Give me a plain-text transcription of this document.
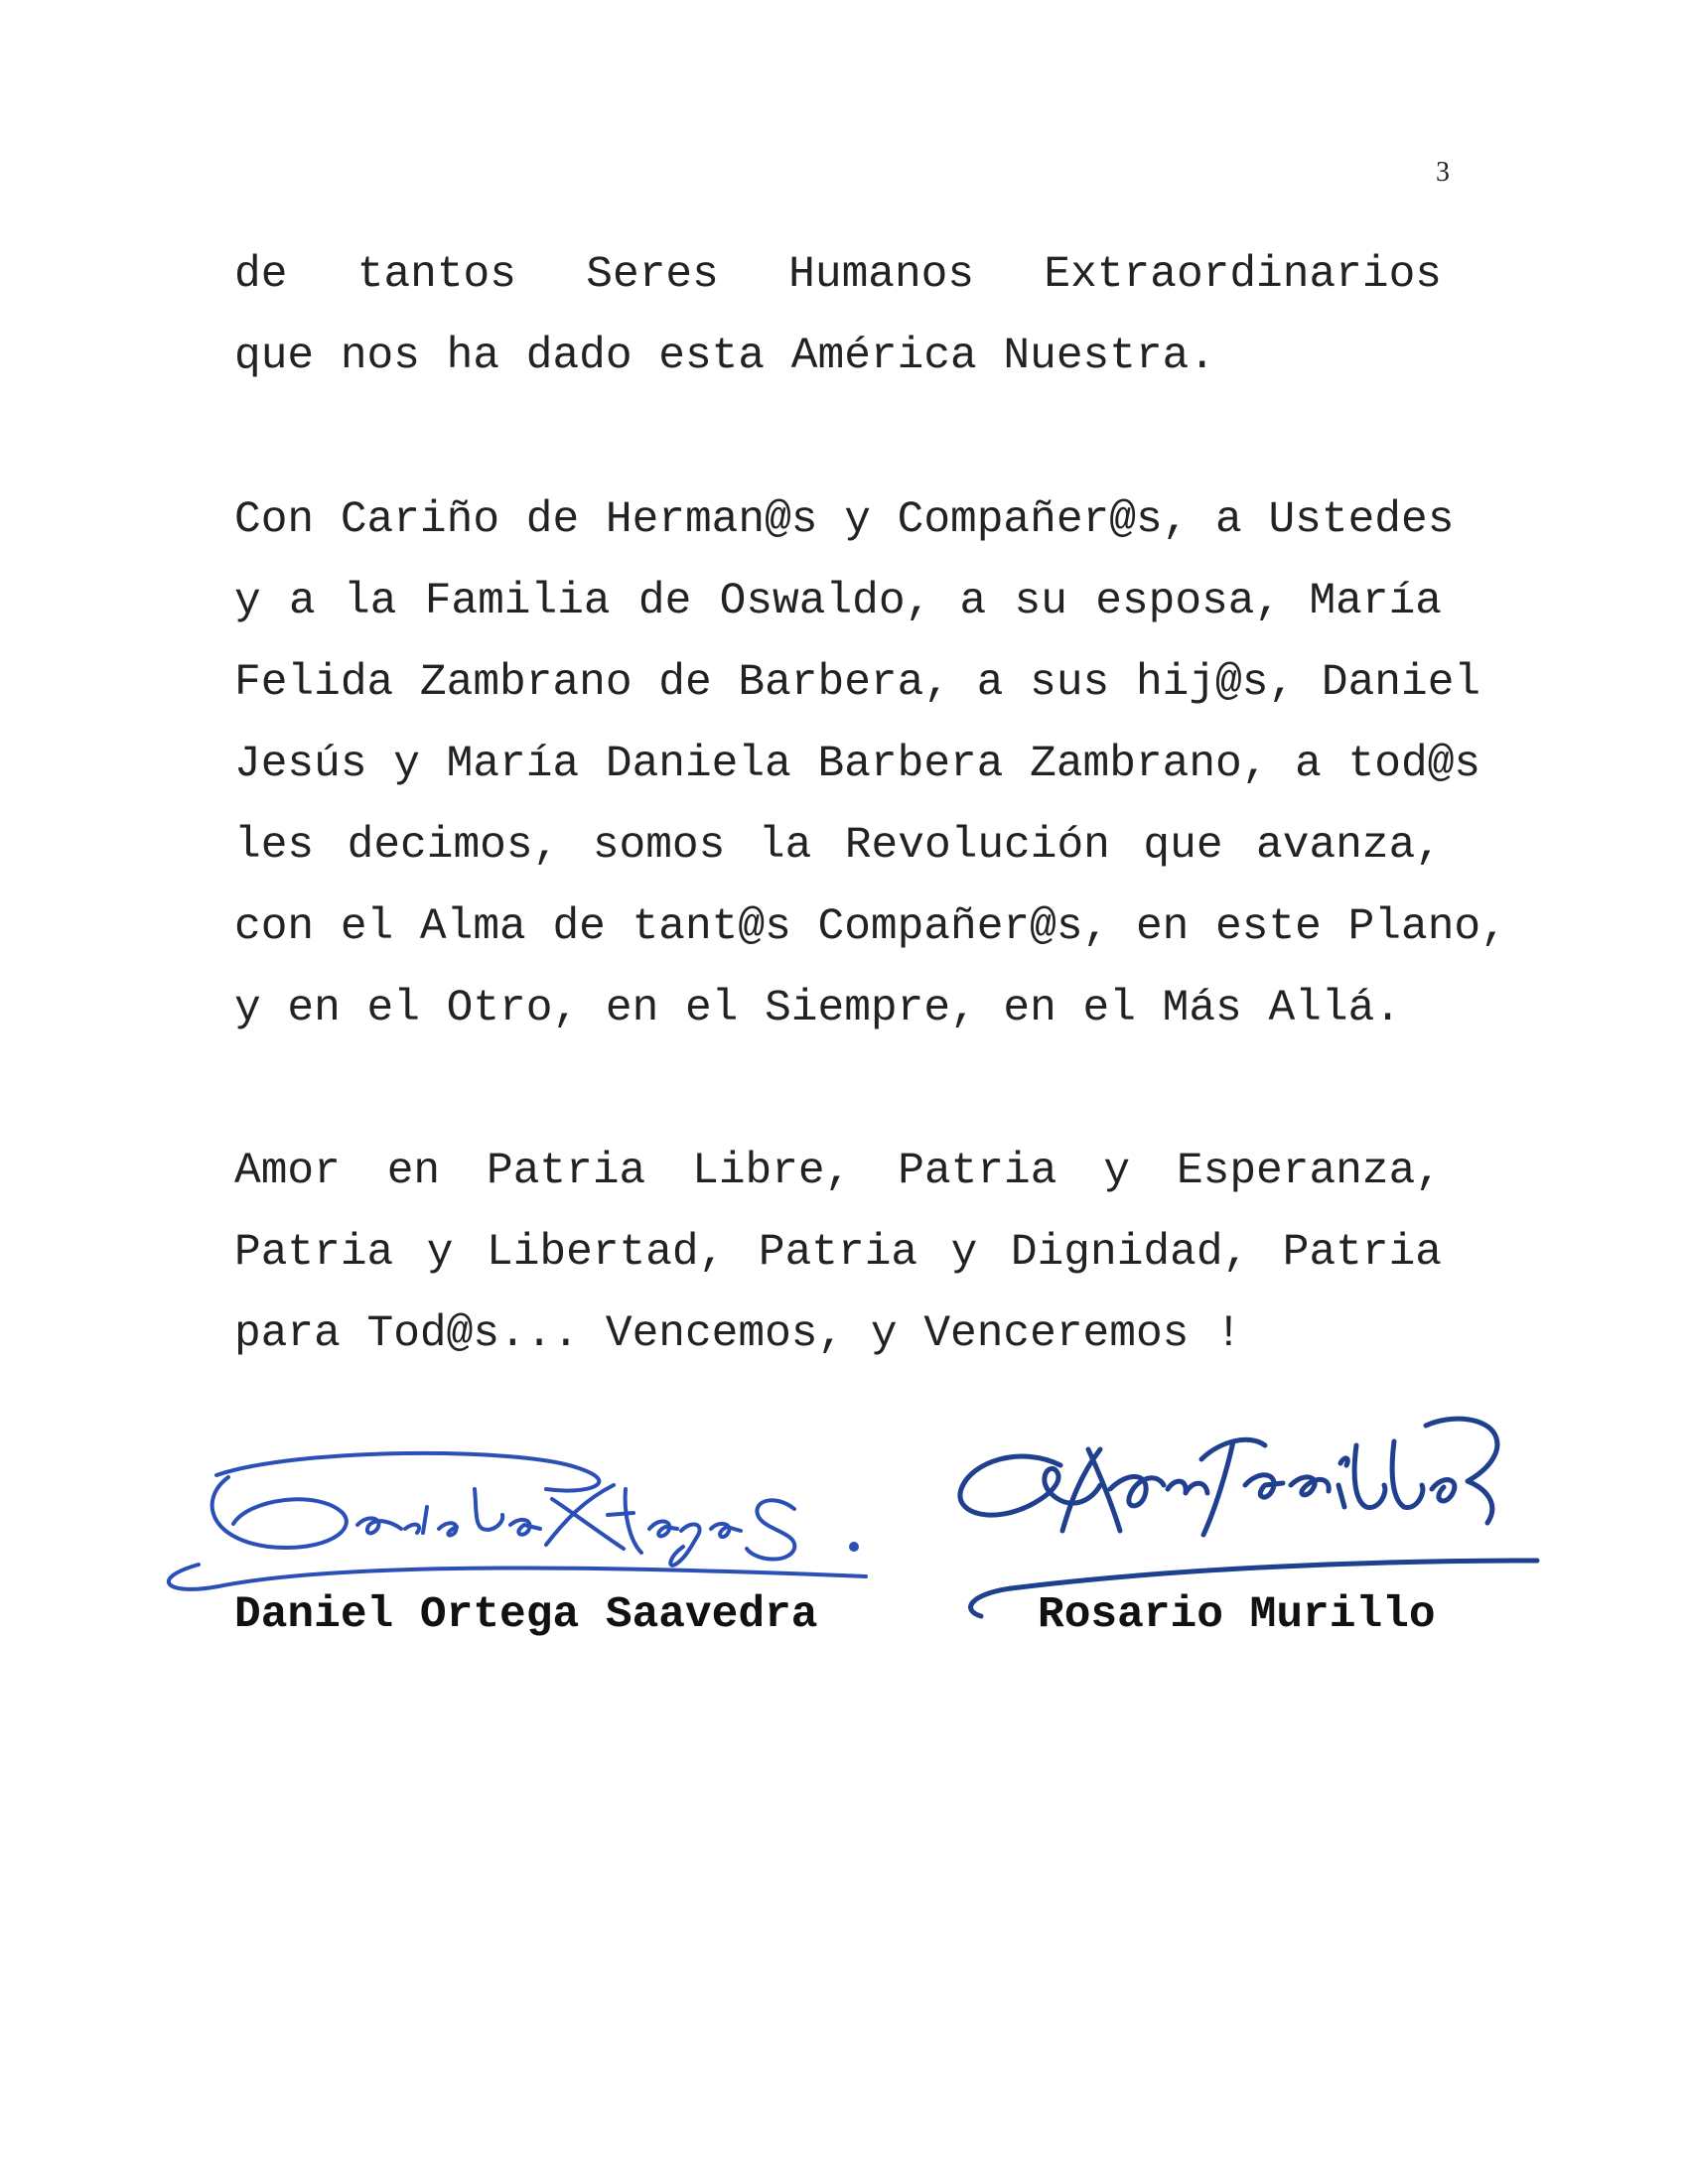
3
de tantos Seres Humanos Extraordinarios
que nos ha dado esta América Nuestra.
Con Cariño de Herman@s y Compañer@s, a Ustedes
y a la Familia de Oswaldo, a su esposa, María
Felida Zambrano de Barbera, a sus hij@s, Daniel
Jesús y María Daniela Barbera Zambrano, a tod@s
les decimos, somos la Revolución que avanza,
con el Alma de tant@s Compañer@s, en este Plano,
y en el Otro, en el Siempre, en el Más Allá.
Amor en Patria Libre, Patria y Esperanza,
Patria y Libertad, Patria y Dignidad, Patria
para Tod@s... Vencemos, y Venceremos !
Daniel Ortega Saavedra	Rosario Murillo
